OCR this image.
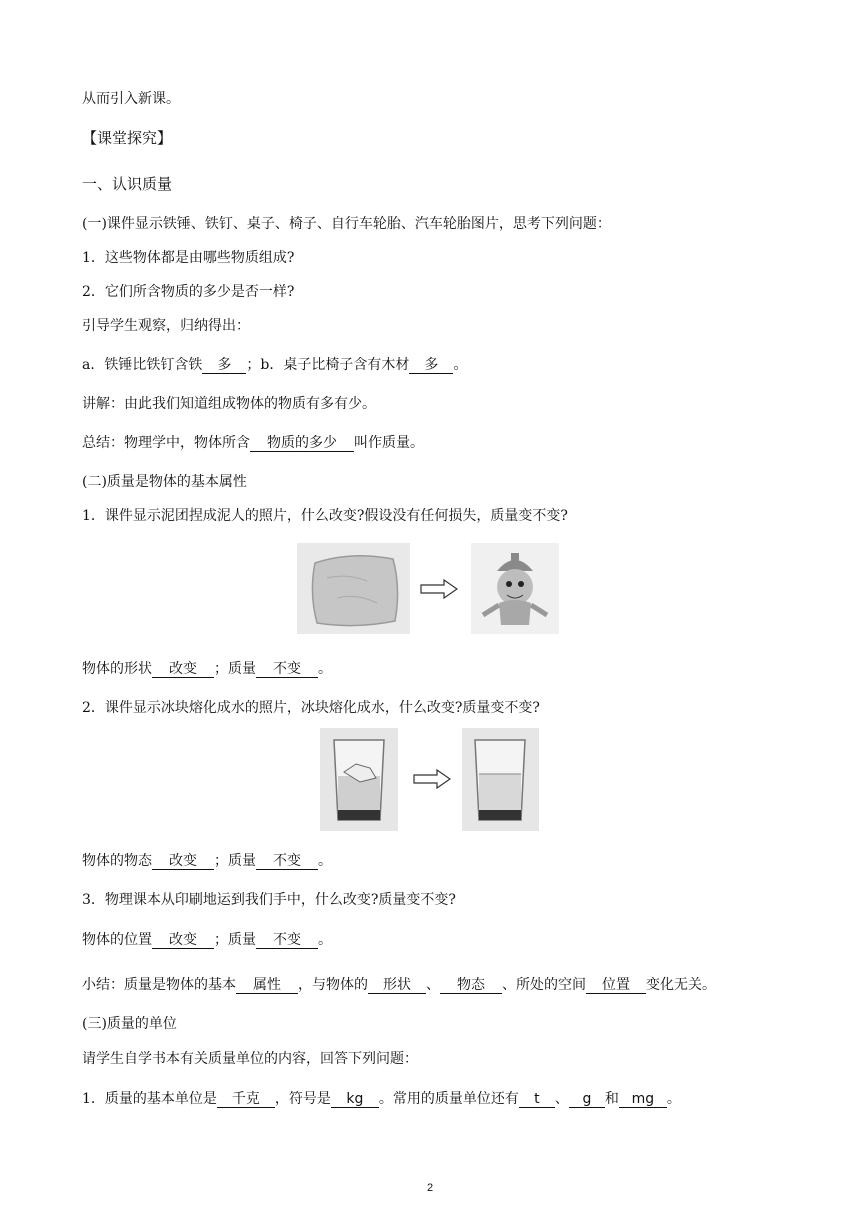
从而引入新课。
【课堂探究】
一、认识质量
(一)课件显示铁锤、铁钉、桌子、椅子、自行车轮胎、汽车轮胎图片，思考下列问题：
1．这些物体都是由哪些物质组成?
2．它们所含物质的多少是否一样?
引导学生观察，归纳得出：
a．铁锤比铁钉含铁 多 ；b．桌子比椅子含有木材 多 。
讲解：由此我们知道组成物体的物质有多有少。
总结：物理学中，物体所含 物质的多少 叫作质量。
(二)质量是物体的基本属性
1．课件显示泥团捏成泥人的照片，什么改变?假设没有任何损失，质量变不变?
物体的形状 改变 ；质量 不变 。
2．课件显示冰块熔化成水的照片，冰块熔化成水，什么改变?质量变不变?
物体的物态 改变 ；质量 不变 。
3．物理课本从印刷地运到我们手中，什么改变?质量变不变?
物体的位置 改变 ；质量 不变 。
小结：质量是物体的基本 属性 ，与物体的 形状 、 物态 、所处的空间 位置 变化无关。
(三)质量的单位
请学生自学书本有关质量单位的内容，回答下列问题：
1．质量的基本单位是 千克 ，符号是 kg 。常用的质量单位还有 t 、 g 和 mg 。
2
